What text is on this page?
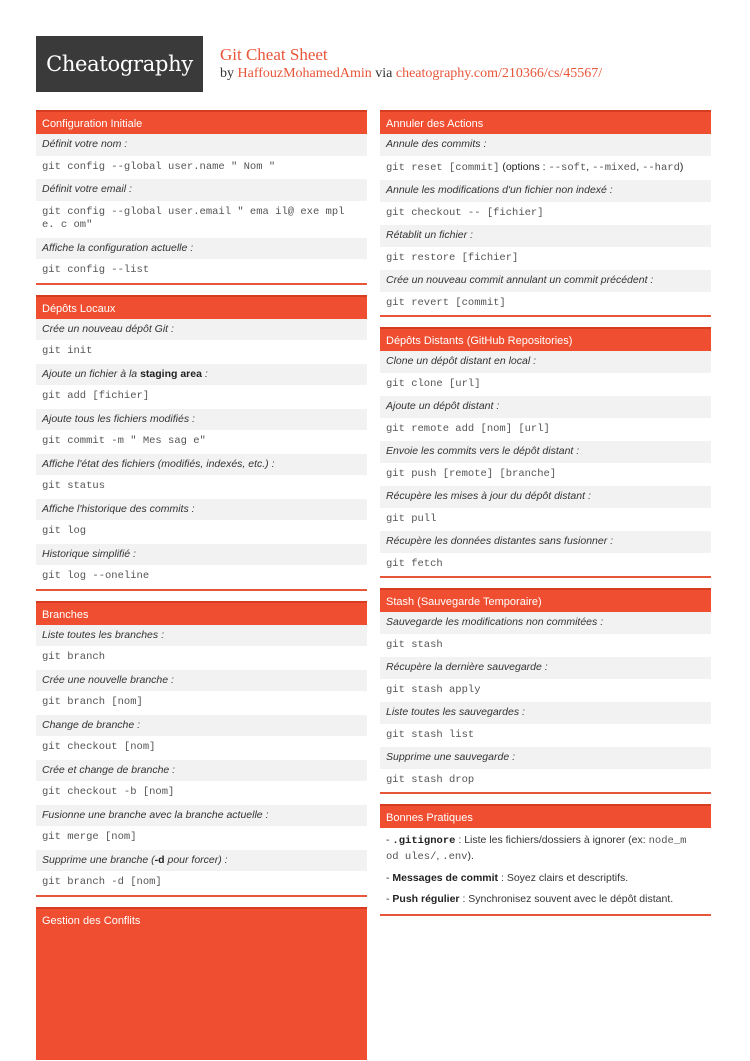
Cheatography Git Cheat Sheet
by HaffouzMohamedAmin via cheatography.com/210366/cs/45567/
Configuration Initiale
Définit votre nom :
git config --global user.name " Nom "
Définit votre email :
git config --global user.email " ema il@ exe mpl e. c om"
Affiche la configuration actuelle :
git config --list
Dépôts Locaux
Crée un nouveau dépôt Git :
git init
Ajoute un fichier à la staging area :
git add [fichier]
Ajoute tous les fichiers modifiés :
git commit -m " Mes sag e"
Affiche l'état des fichiers (modifiés, indexés, etc.) :
git status
Affiche l'historique des commits :
git log
Historique simplifié :
git log --oneline
Branches
Liste toutes les branches :
git branch
Crée une nouvelle branche :
git branch [nom]
Change de branche :
git checkout [nom]
Crée et change de branche :
git checkout -b [nom]
Fusionne une branche avec la branche actuelle :
git merge [nom]
Supprime une branche (-d pour forcer) :
git branch -d [nom]
Gestion des Conflits
Annuler des Actions
Annule des commits :
git reset [commit] (options : --soft, --mixed, --hard)
Annule les modifications d'un fichier non indexé :
git checkout -- [fichier]
Rétablit un fichier :
git restore [fichier]
Crée un nouveau commit annulant un commit précédent :
git revert [commit]
Dépôts Distants (GitHub Repositories)
Clone un dépôt distant en local :
git clone [url]
Ajoute un dépôt distant :
git remote add [nom] [url]
Envoie les commits vers le dépôt distant :
git push [remote] [branche]
Récupère les mises à jour du dépôt distant :
git pull
Récupère les données distantes sans fusionner :
git fetch
Stash (Sauvegarde Temporaire)
Sauvegarde les modifications non commitées :
git stash
Récupère la dernière sauvegarde :
git stash apply
Liste toutes les sauvegardes :
git stash list
Supprime une sauvegarde :
git stash drop
Bonnes Pratiques
- .gitignore : Liste les fichiers/dossiers à ignorer (ex: node_m od ules/, .env).
- Messages de commit : Soyez clairs et descriptifs.
- Push régulier : Synchronisez souvent avec le dépôt distant.
